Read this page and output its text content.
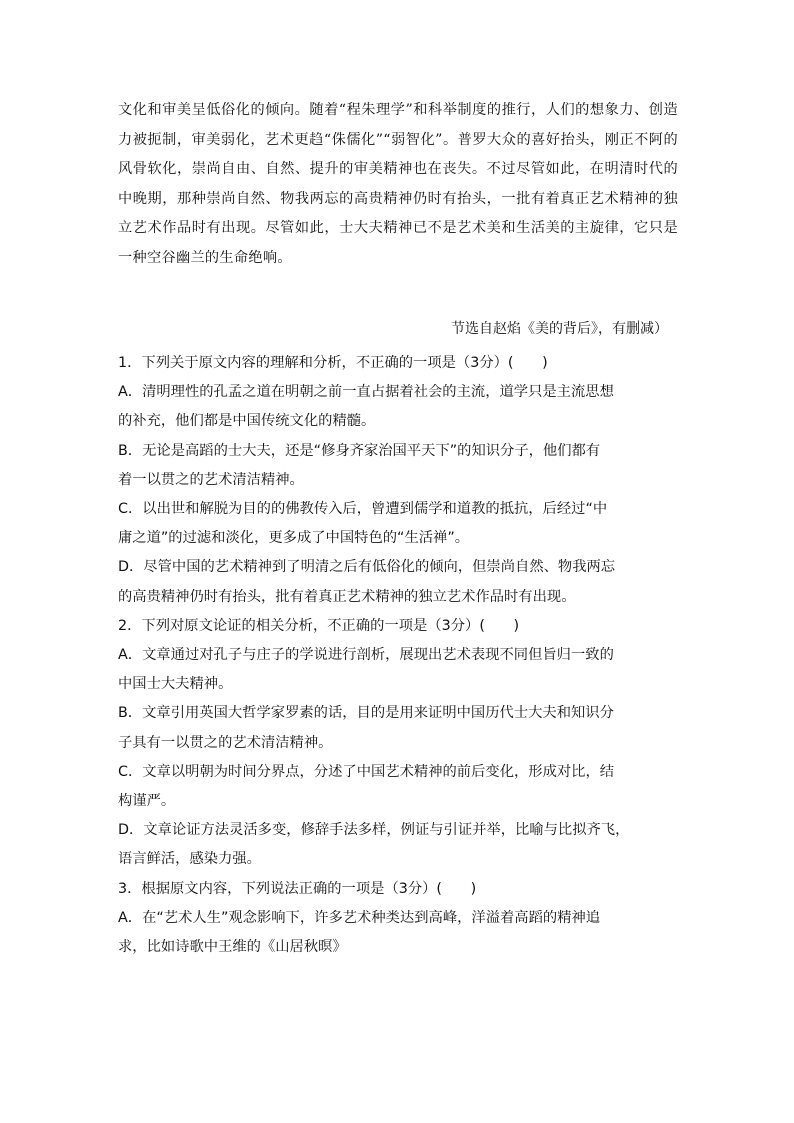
文化和审美呈低俗化的倾向。随着“程朱理学”和科举制度的推行，人们的想象力、创造力被扼制，审美弱化，艺术更趋“侏儒化”“弱智化”。普罗大众的喜好抬头，刚正不阿的风骨软化，崇尚自由、自然、提升的审美精神也在丧失。不过尽管如此，在明清时代的中晚期，那种崇尚自然、物我两忘的高贵精神仍时有抬头，一批有着真正艺术精神的独立艺术作品时有出现。尽管如此，士大夫精神已不是艺术美和生活美的主旋律，它只是一种空谷幽兰的生命绝响。

节选自赵焰《美的背后》，有删减）
1．下列关于原文内容的理解和分析，不正确的一项是（3分）(　　)
A．清明理性的孔孟之道在明朝之前一直占据着社会的主流，道学只是主流思想
的补充，他们都是中国传统文化的精髓。
B．无论是高蹈的士大夫，还是“修身齐家治国平天下”的知识分子，他们都有
着一以贯之的艺术清洁精神。
C．以出世和解脱为目的的佛教传入后，曾遭到儒学和道教的抵抗，后经过“中
庸之道”的过滤和淡化，更多成了中国特色的“生活禅”。
D．尽管中国的艺术精神到了明清之后有低俗化的倾向，但崇尚自然、物我两忘
的高贵精神仍时有抬头，批有着真正艺术精神的独立艺术作品时有出现。
2．下列对原文论证的相关分析，不正确的一项是（3分）(　　)
A．文章通过对孔子与庄子的学说进行剖析，展现出艺术表现不同但旨归一致的
中国士大夫精神。
B．文章引用英国大哲学家罗素的话，目的是用来证明中国历代士大夫和知识分
子具有一以贯之的艺术清洁精神。
C．文章以明朝为时间分界点，分述了中国艺术精神的前后变化，形成对比，结
构谨严。
D．文章论证方法灵活多变，修辞手法多样，例证与引证并举，比喻与比拟齐飞，
语言鲜活，感染力强。
3．根据原文内容，下列说法正确的一项是（3分）(　　)
A．在“艺术人生”观念影响下，许多艺术种类达到高峰，洋溢着高蹈的精神追
求，比如诗歌中王维的《山居秋暝》
